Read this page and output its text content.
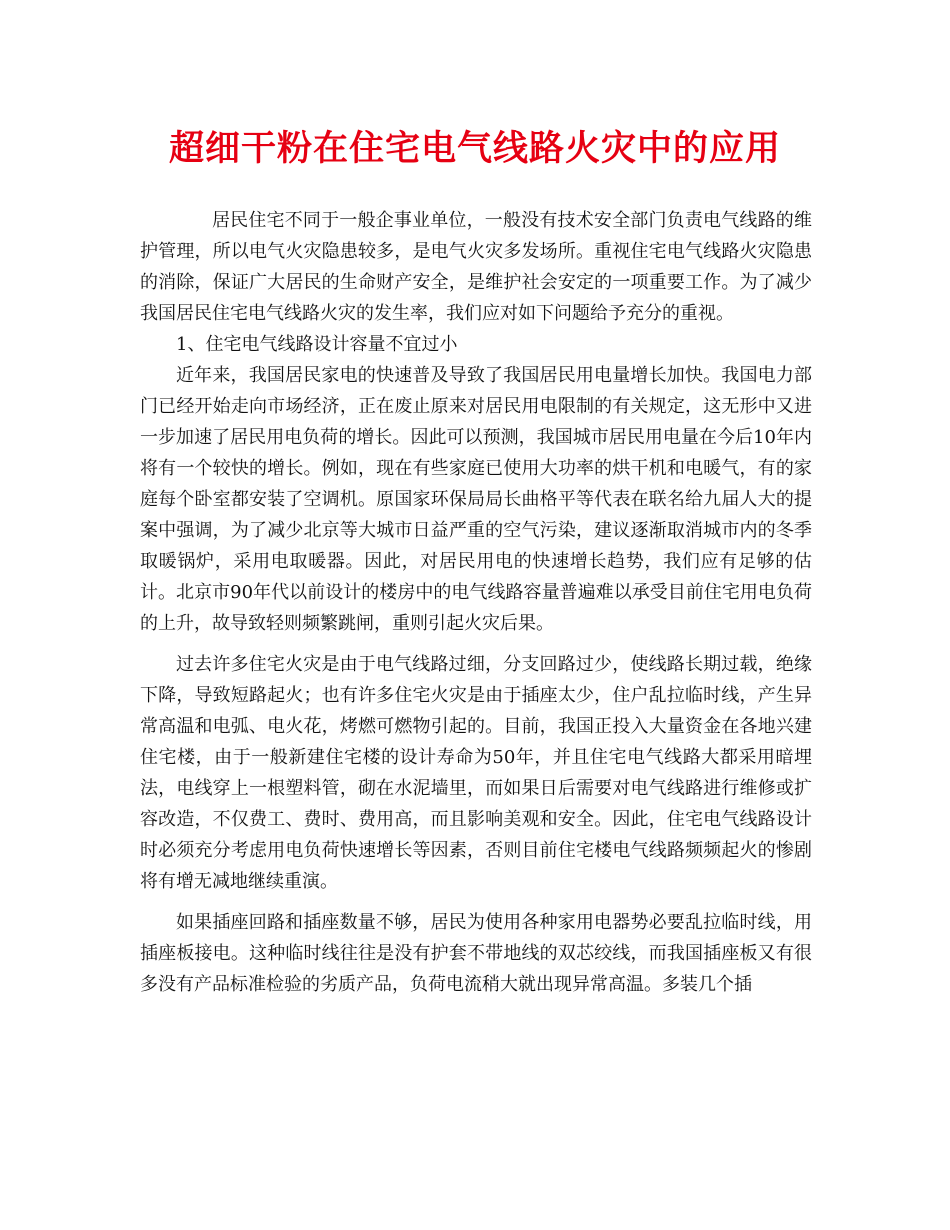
超细干粉在住宅电气线路火灾中的应用

居民住宅不同于一般企事业单位，一般没有技术安全部门负责电气线路的维护管理，所以电气火灾隐患较多，是电气火灾多发场所。重视住宅电气线路火灾隐患的消除，保证广大居民的生命财产安全，是维护社会安定的一项重要工作。为了减少我国居民住宅电气线路火灾的发生率，我们应对如下问题给予充分的重视。

1、住宅电气线路设计容量不宜过小

近年来，我国居民家电的快速普及导致了我国居民用电量增长加快。我国电力部门已经开始走向市场经济，正在废止原来对居民用电限制的有关规定，这无形中又进一步加速了居民用电负荷的增长。因此可以预测，我国城市居民用电量在今后10年内将有一个较快的增长。例如，现在有些家庭已使用大功率的烘干机和电暖气，有的家庭每个卧室都安装了空调机。原国家环保局局长曲格平等代表在联名给九届人大的提案中强调，为了减少北京等大城市日益严重的空气污染，建议逐渐取消城市内的冬季取暖锅炉，采用电取暖器。因此，对居民用电的快速增长趋势，我们应有足够的估计。北京市90年代以前设计的楼房中的电气线路容量普遍难以承受目前住宅用电负荷的上升，故导致轻则频繁跳闸，重则引起火灾后果。

过去许多住宅火灾是由于电气线路过细，分支回路过少，使线路长期过载，绝缘下降，导致短路起火；也有许多住宅火灾是由于插座太少，住户乱拉临时线，产生异常高温和电弧、电火花，烤燃可燃物引起的。目前，我国正投入大量资金在各地兴建住宅楼，由于一般新建住宅楼的设计寿命为50年，并且住宅电气线路大都采用暗埋法，电线穿上一根塑料管，砌在水泥墙里，而如果日后需要对电气线路进行维修或扩容改造，不仅费工、费时、费用高，而且影响美观和安全。因此，住宅电气线路设计时必须充分考虑用电负荷快速增长等因素，否则目前住宅楼电气线路频频起火的惨剧将有增无减地继续重演。

如果插座回路和插座数量不够，居民为使用各种家用电器势必要乱拉临时线，用插座板接电。这种临时线往往是没有护套不带地线的双芯绞线，而我国插座板又有很多没有产品标准检验的劣质产品，负荷电流稍大就出现异常高温。多装几个插
